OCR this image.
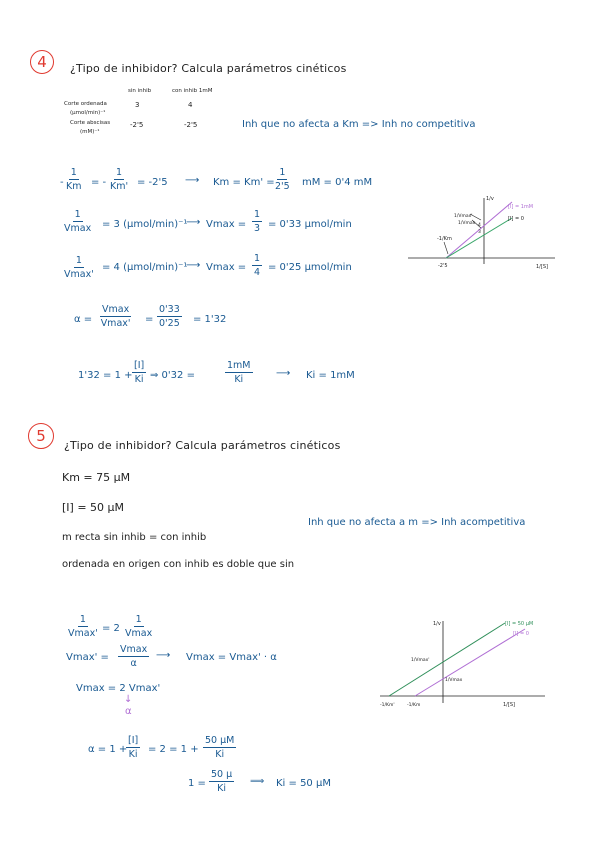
4	¿Tipo de inhibidor? Calcula parámetros cinéticos
sin inhib	con inhib 1mM
Corte ordenada
(μmol/min)⁻¹
3	4
Corte abscisas
(mM)⁻¹
-2'5	-2'5	Inh que no afecta a Km => Inh no competitiva
- $\frac{1}{Km}$ = - $\frac{1}{Km'} = -2'5$ ⟶ $Km = Km' = \frac{1}{2'5}$ mM = 0'4 mM
1
Vmax = 3 (μmol/min)⁻¹
⟶ $Vmax = \frac{1}{3} = 0'33$ μmol/min
1
Vmax'
= 4 (μmol/min)⁻¹
⟶ $Vmax = \frac{1}{4} = 0'25$ μmol/min
α =
Vmax
$Vmax' = \frac{0'33}{0'25} = 1'32$
$1'32 = 1 + \frac{[I]}{Ki}$ ⇒ 0'32 =	$\frac{1mM}{Ki}$ ⟶ Ki = 1mM
1/v
1/[S]
-2'5
-1/Km
1/Vmax'
1/Vmax 4
3
[I] = 1mM
[I] = 0
5
¿Tipo de inhibidor? Calcula parámetros cinéticos
Km = 75 μM
[I] = 50 μM
m recta sin inhib = con inhib
ordenada en origen con inhib es doble que sin
Inh que no afecta a m => Inh acompetitiva
1
Vmax' = 2
1
Vmax
Vmax' =
Vmax
α
⟶ Vmax = Vmax' · α
Vmax = 2 Vmax'
↓
α
α = 1 +
$\frac{[I]}{Ki} = 2 = 1 + \frac{50 \mu M}{Ki}$
$1 = \frac{50 \mu}{Ki}$ ⟹ Ki = 50 μM
1/v
1/[S]
1/Vmax'
1/Vmax
-1/Km'	-1/Km
[I] = 50 μM
[I] = 0
